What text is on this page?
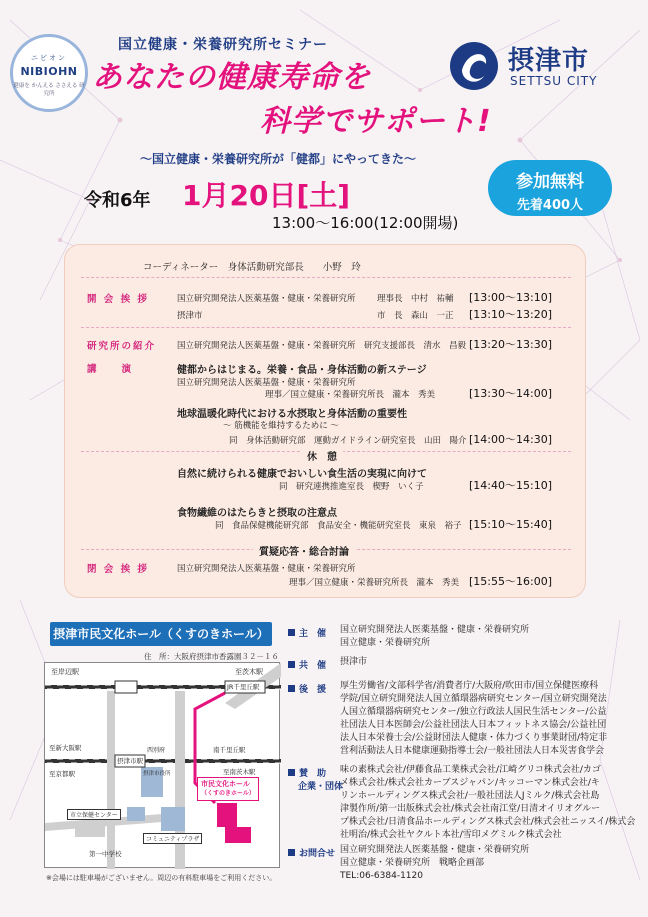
ニビオン
NIBIOHN
健康を かんえる ささえる 研究所
国立健康・栄養研究所セミナー
あなたの健康寿命を
科学でサポート!
～国立健康・栄養研究所が「健都」にやってきた～
摂津市
SETTSU CITY
令和6年 1月20日[土]
13:00～16:00(12:00開場)
参加無料
先着400人
コーディネーター　身体活動研究部長　　小野　玲
開 会 挨 拶	国立研究開発法人医薬基盤・健康・栄養研究所	理事長　中村　祐輔 [13:00～13:10]
摂津市	市　長　森山　一正 [13:10～13:20]
研究所の紹介 国立研究開発法人医薬基盤・健康・栄養研究所　研究支援部長　清水　昌毅 [13:20～13:30]
講　　演	健都からはじまる。栄養・食品・身体活動の新ステージ
国立研究開発法人医薬基盤・健康・栄養研究所
理事／国立健康・栄養研究所長　瀧本　秀美	[13:30～14:00]
地球温暖化時代における水摂取と身体活動の重要性
～ 筋機能を維持するために ～
同　身体活動研究部　運動ガイドライン研究室長　山田　陽介 [14:00～14:30]
休　憩
自然に続けられる健康でおいしい食生活の実現に向けて
同　研究連携推進室長　楔野　いく子	[14:40～15:10]
食物繊維のはたらきと摂取の注意点
同　食品保健機能研究部　食品安全・機能研究室長　東泉　裕子 [15:10～15:40]
質疑応答・総合討論
閉 会 挨 拶	国立研究開発法人医薬基盤・健康・栄養研究所
理事／国立健康・栄養研究所長　瀧本　秀美 [15:55～16:00]
摂津市民文化ホール（くすのきホール）
住　所：大阪府摂津市香露園３２－１６
至岸辺駅	至茨木駅
JR千里丘駅
至新大阪駅
摂津市駅
南千里丘駅
西別府
至京都駅	至南茨木駅
摂津市役所
市立保健センター
コミュニティプラザ
市民文化ホール
（くすのきホール）
第一中学校
※会場には駐車場がございません。周辺の有料駐車場をご利用ください。
主　催 国立研究開発法人医薬基盤・健康・栄養研究所
国立健康・栄養研究所
共　催 摂津市
後　援 厚生労働省/文部科学省/消費者庁/大阪府/吹田市/国立保健医療科
学院/国立研究開発法人国立循環器病研究センター/国立研究開発法
人国立循環器病研究センター/独立行政法人国民生活センター/公益
社団法人日本医師会/公益社団法人日本フィットネス協会/公益社団
法人日本栄養士会/公益財団法人健康・体力づくり事業財団/特定非
営利活動法人日本健康運動指導士会/一般社団法人日本災害食学会
賛　助
企業・団体
味の素株式会社/伊藤食品工業株式会社/江崎グリコ株式会社/カゴ
メ株式会社/株式会社カーブスジャパン/キッコーマン株式会社/キ
リンホールディングス株式会社/一般社団法人Jミルク/株式会社島
津製作所/第一出版株式会社/株式会社南江堂/日清オイリオグルー
プ株式会社/日清食品ホールディングス株式会社/株式会社ニッスイ/株式会
社明治/株式会社ヤクルト本社/雪印メグミルク株式会社
お問合せ 国立研究開発法人医薬基盤・健康・栄養研究所
国立健康・栄養研究所　戦略企画部
TEL:06-6384-1120
